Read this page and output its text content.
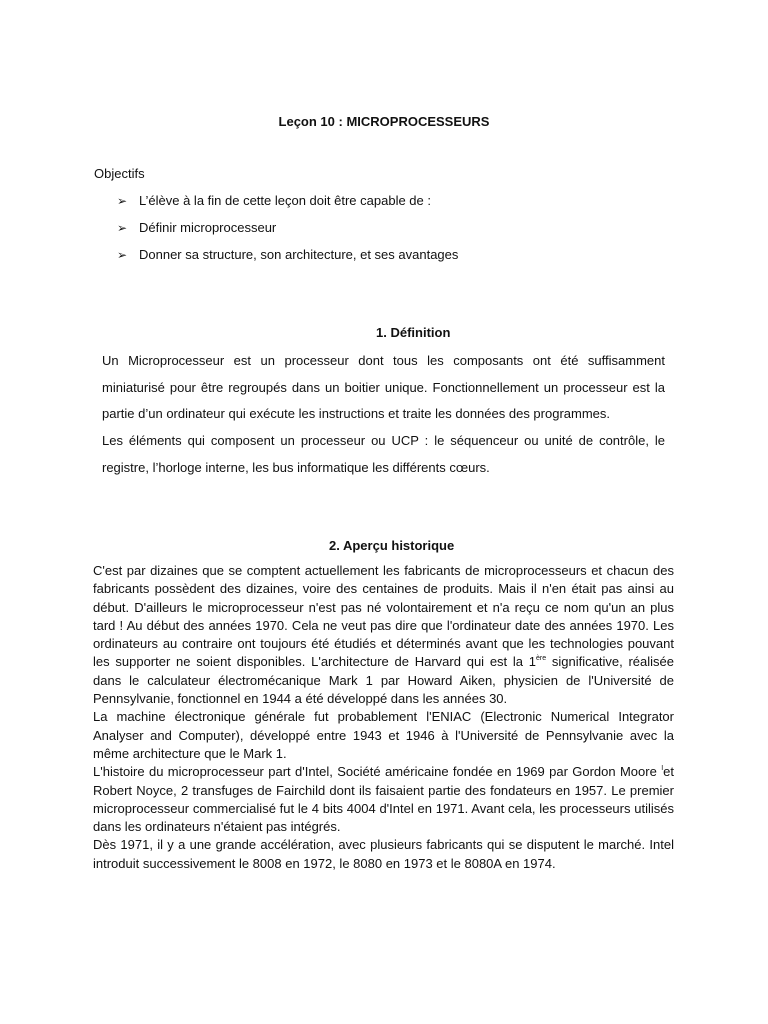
Leçon 10 : MICROPROCESSEURS

Objectifs

➢ L’élève à la fin de cette leçon doit être capable de :
➢ Définir microprocesseur
➢ Donner sa structure, son architecture, et ses avantages
1. Définition

Un Microprocesseur est un processeur dont tous les composants ont été suffisamment miniaturisé pour être regroupés dans un boitier unique. Fonctionnellement un processeur est la partie d’un ordinateur qui exécute les instructions et traite les données des programmes.

Les éléments qui composent un processeur ou UCP : le séquenceur ou unité de contrôle, le registre, l’horloge interne, les bus informatique les différents cœurs.

2. Aperçu historique

C'est par dizaines que se comptent actuellement les fabricants de microprocesseurs et chacun des fabricants possèdent des dizaines, voire des centaines de produits. Mais il n'en était pas ainsi au début. D'ailleurs le microprocesseur n'est pas né volontairement et n'a reçu ce nom qu'un an plus tard ! Au début des années 1970. Cela ne veut pas dire que l'ordinateur date des années 1970. Les ordinateurs au contraire ont toujours été étudiés et déterminés avant que les technologies pouvant les supporter ne soient disponibles. L'architecture de Harvard qui est la 1ère significative, réalisée dans le calculateur électromécanique Mark 1 par Howard Aiken, physicien de l'Université de Pennsylvanie, fonctionnel en 1944 a été développé dans les années 30.

La machine électronique générale fut probablement l'ENIAC (Electronic Numerical Integrator Analyser and Computer), développé entre 1943 et 1946 à l'Université de Pennsylvanie avec la même architecture que le Mark 1.

L'histoire du microprocesseur part d'Intel, Société américaine fondée en 1969 par Gordon Moore $^I$et Robert Noyce, 2 transfuges de Fairchild dont ils faisaient partie des fondateurs en 1957. Le premier microprocesseur commercialisé fut le 4 bits 4004 d'Intel en 1971. Avant cela, les processeurs utilisés dans les ordinateurs n'étaient pas intégrés.

Dès 1971, il y a une grande accélération, avec plusieurs fabricants qui se disputent le marché. Intel introduit successivement le 8008 en 1972, le 8080 en 1973 et le 8080A en 1974.
